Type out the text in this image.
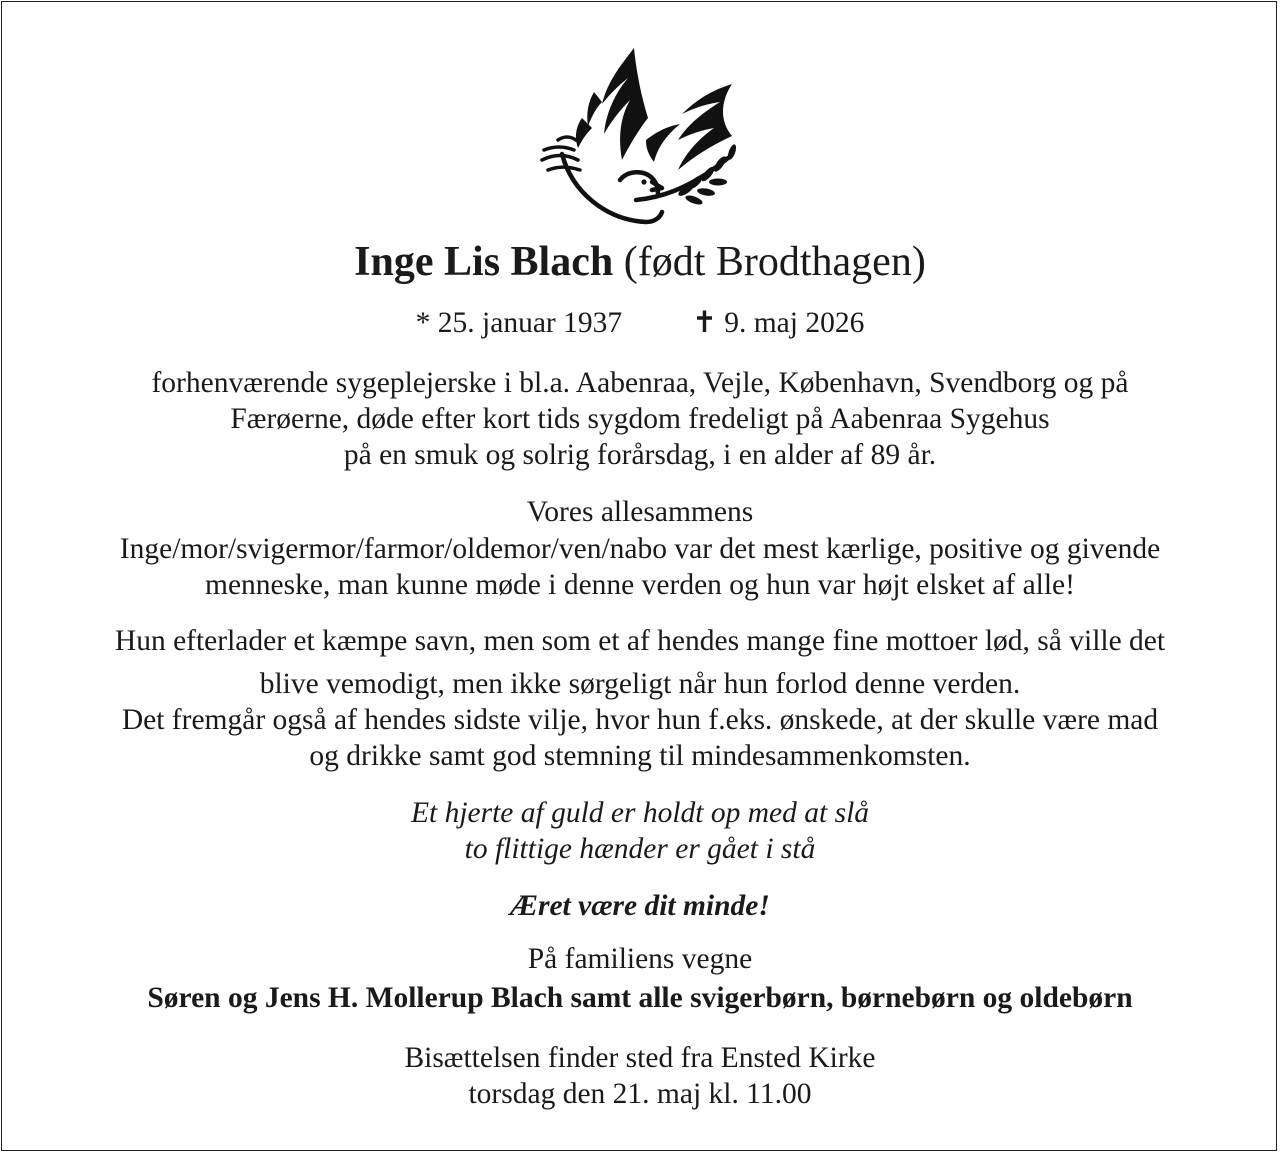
Inge Lis Blach (født Brodthagen)
* 25. januar 1937 ✝ 9. maj 2026
forhenværende sygeplejerske i bl.a. Aabenraa, Vejle, København, Svendborg og på
Færøerne, døde efter kort tids sygdom fredeligt på Aabenraa Sygehus
på en smuk og solrig forårsdag, i en alder af 89 år.
Vores allesammens
Inge/mor/svigermor/farmor/oldemor/ven/nabo var det mest kærlige, positive og givende
menneske, man kunne møde i denne verden og hun var højt elsket af alle!
Hun efterlader et kæmpe savn, men som et af hendes mange fine mottoer lød, så ville det
blive vemodigt, men ikke sørgeligt når hun forlod denne verden.
Det fremgår også af hendes sidste vilje, hvor hun f.eks. ønskede, at der skulle være mad
og drikke samt god stemning til mindesammenkomsten.
Et hjerte af guld er holdt op med at slå
to flittige hænder er gået i stå
Æret være dit minde!
På familiens vegne
Søren og Jens H. Mollerup Blach samt alle svigerbørn, børnebørn og oldebørn
Bisættelsen finder sted fra Ensted Kirke
torsdag den 21. maj kl. 11.00
